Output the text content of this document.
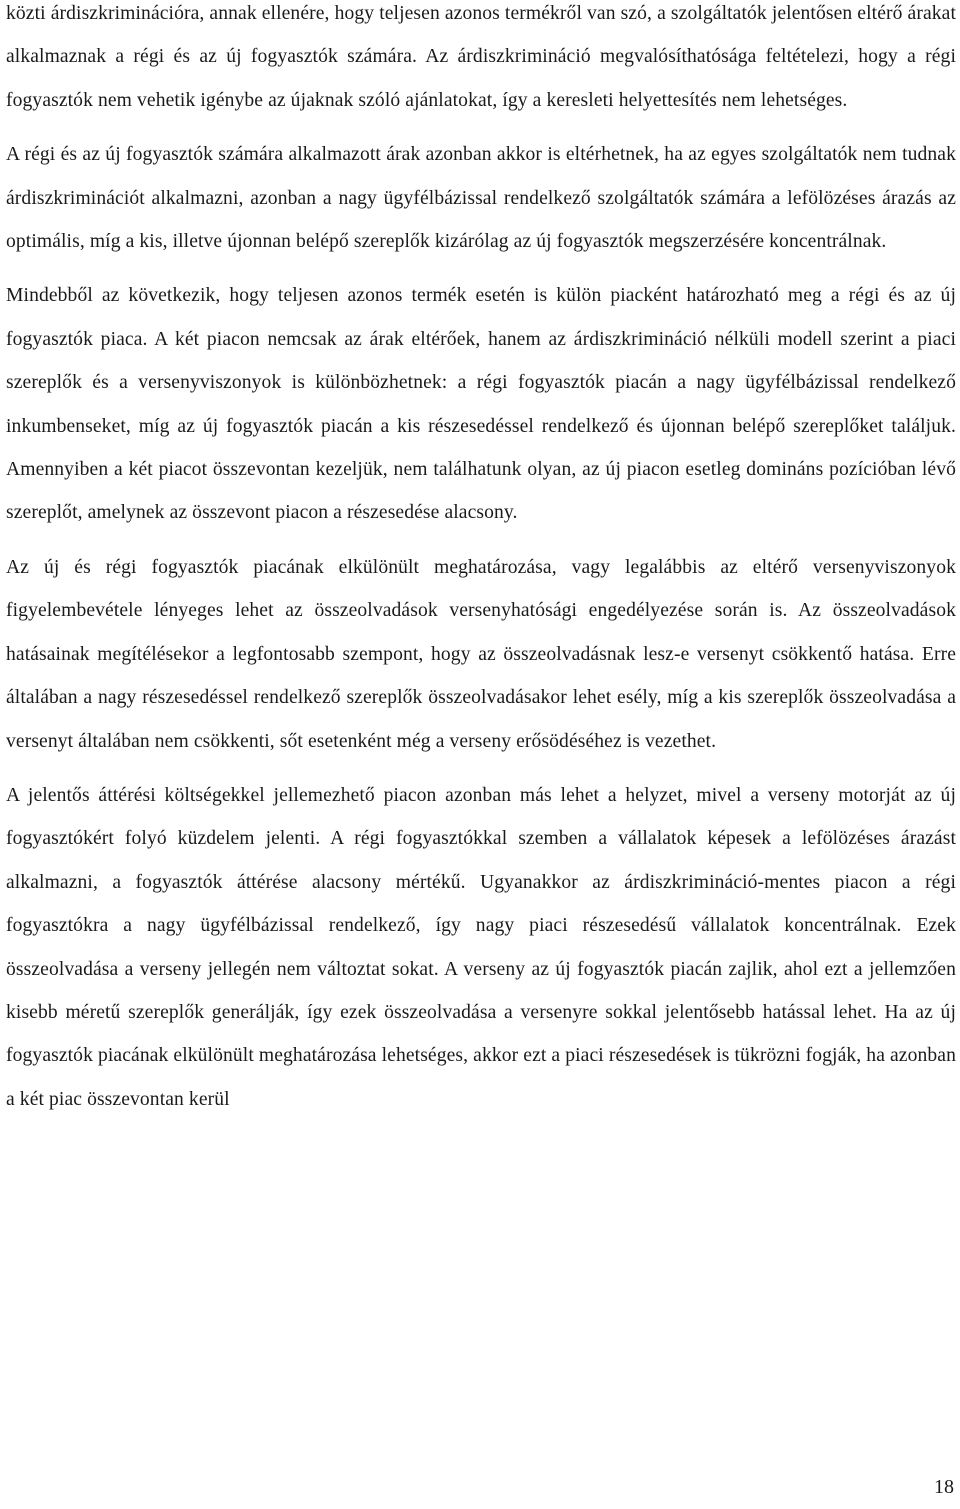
közti árdiszkriminációra, annak ellenére, hogy teljesen azonos termékről van szó, a szolgáltatók jelentősen eltérő árakat alkalmaznak a régi és az új fogyasztók számára. Az árdiszkrimináció megvalósíthatósága feltételezi, hogy a régi fogyasztók nem vehetik igénybe az újaknak szóló ajánlatokat, így a keresleti helyettesítés nem lehetséges.

A régi és az új fogyasztók számára alkalmazott árak azonban akkor is eltérhetnek, ha az egyes szolgáltatók nem tudnak árdiszkriminációt alkalmazni, azonban a nagy ügyfélbázissal rendelkező szolgáltatók számára a lefölözéses árazás az optimális, míg a kis, illetve újonnan belépő szereplők kizárólag az új fogyasztók megszerzésére koncentrálnak.

Mindebből az következik, hogy teljesen azonos termék esetén is külön piacként határozható meg a régi és az új fogyasztók piaca. A két piacon nemcsak az árak eltérőek, hanem az árdiszkrimináció nélküli modell szerint a piaci szereplők és a versenyviszonyok is különbözhetnek: a régi fogyasztók piacán a nagy ügyfélbázissal rendelkező inkumbenseket, míg az új fogyasztók piacán a kis részesedéssel rendelkező és újonnan belépő szereplőket találjuk. Amennyiben a két piacot összevontan kezeljük, nem találhatunk olyan, az új piacon esetleg domináns pozícióban lévő szereplőt, amelynek az összevont piacon a részesedése alacsony.

Az új és régi fogyasztók piacának elkülönült meghatározása, vagy legalábbis az eltérő versenyviszonyok figyelembevétele lényeges lehet az összeolvadások versenyhatósági engedélyezése során is. Az összeolvadások hatásainak megítélésekor a legfontosabb szempont, hogy az összeolvadásnak lesz-e versenyt csökkentő hatása. Erre általában a nagy részesedéssel rendelkező szereplők összeolvadásakor lehet esély, míg a kis szereplők összeolvadása a versenyt általában nem csökkenti, sőt esetenként még a verseny erősödéséhez is vezethet.

A jelentős áttérési költségekkel jellemezhető piacon azonban más lehet a helyzet, mivel a verseny motorját az új fogyasztókért folyó küzdelem jelenti. A régi fogyasztókkal szemben a vállalatok képesek a lefölözéses árazást alkalmazni, a fogyasztók áttérése alacsony mértékű. Ugyanakkor az árdiszkrimináció-mentes piacon a régi fogyasztókra a nagy ügyfélbázissal rendelkező, így nagy piaci részesedésű vállalatok koncentrálnak. Ezek összeolvadása a verseny jellegén nem változtat sokat. A verseny az új fogyasztók piacán zajlik, ahol ezt a jellemzően kisebb méretű szereplők generálják, így ezek összeolvadása a versenyre sokkal jelentősebb hatással lehet. Ha az új fogyasztók piacának elkülönült meghatározása lehetséges, akkor ezt a piaci részesedések is tükrözni fogják, ha azonban a két piac összevontan kerül

18
